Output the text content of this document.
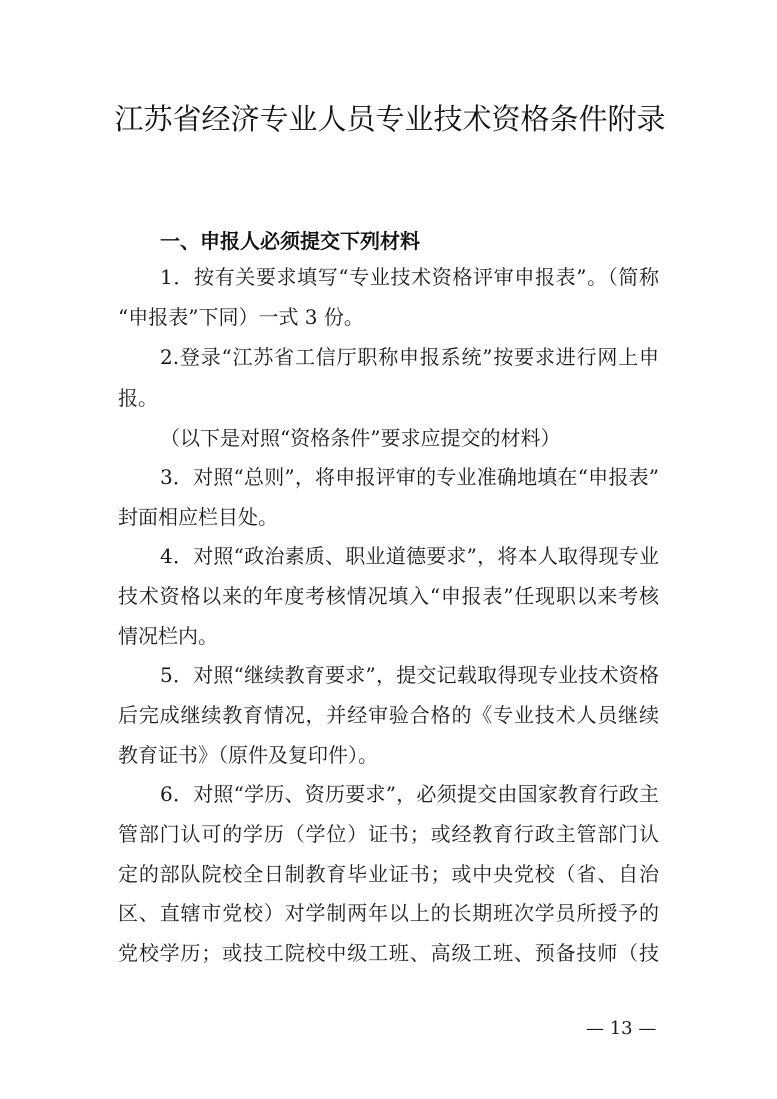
江苏省经济专业人员专业技术资格条件附录
一、申报人必须提交下列材料
1．按有关要求填写“专业技术资格评审申报表”。（简称
“申报表”下同）一式 3 份。
2.登录“江苏省工信厅职称申报系统”按要求进行网上申
报。
（以下是对照“资格条件”要求应提交的材料）
3．对照“总则”，将申报评审的专业准确地填在“申报表”
封面相应栏目处。
4．对照“政治素质、职业道德要求”，将本人取得现专业
技术资格以来的年度考核情况填入“申报表”任现职以来考核
情况栏内。
5．对照“继续教育要求”，提交记载取得现专业技术资格
后完成继续教育情况，并经审验合格的《专业技术人员继续
教育证书》（原件及复印件）。
6．对照“学历、资历要求”，必须提交由国家教育行政主
管部门认可的学历（学位）证书；或经教育行政主管部门认
定的部队院校全日制教育毕业证书；或中央党校（省、自治
区、直辖市党校）对学制两年以上的长期班次学员所授予的
党校学历；或技工院校中级工班、高级工班、预备技师（技
— 13 —
